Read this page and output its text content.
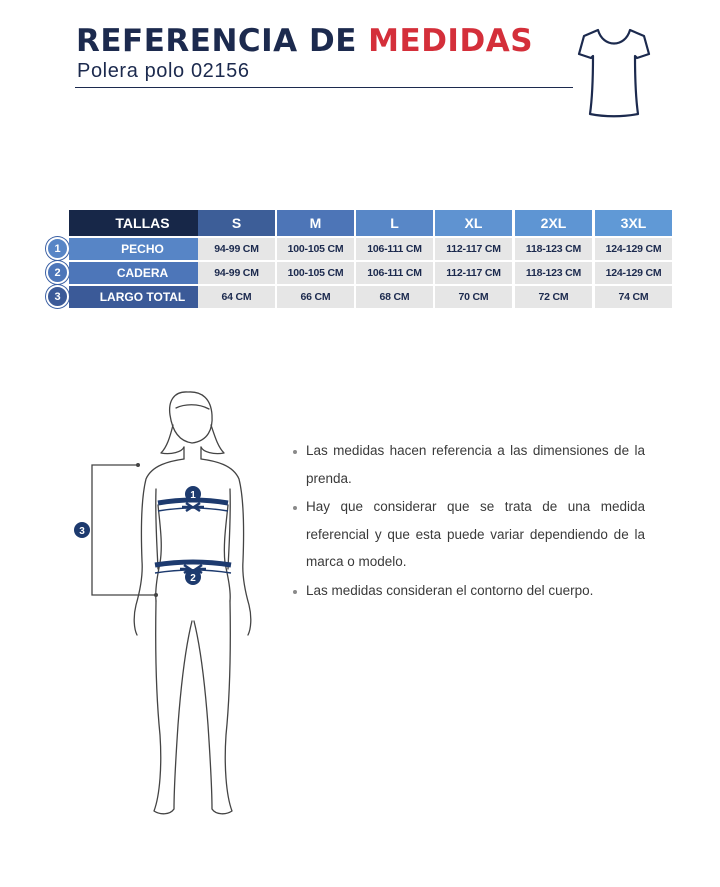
REFERENCIA DE MEDIDAS
Polera polo 02156
TALLAS	S	M	L	XL	2XL	3XL
1	PECHO	94-99 CM	100-105 CM	106-111 CM	112-117 CM	118-123 CM	124-129 CM
2	CADERA	94-99 CM	100-105 CM	106-111 CM	112-117 CM	118-123 CM	124-129 CM
3	LARGO TOTAL	64 CM	66 CM	68 CM	70 CM	72 CM	74 CM
3
1
2
Las medidas hacen referencia a las dimensiones de la prenda.
Hay que considerar que se trata de una medida referencial y que esta puede variar dependiendo de la marca o modelo.
Las medidas consideran el contorno del cuerpo.
